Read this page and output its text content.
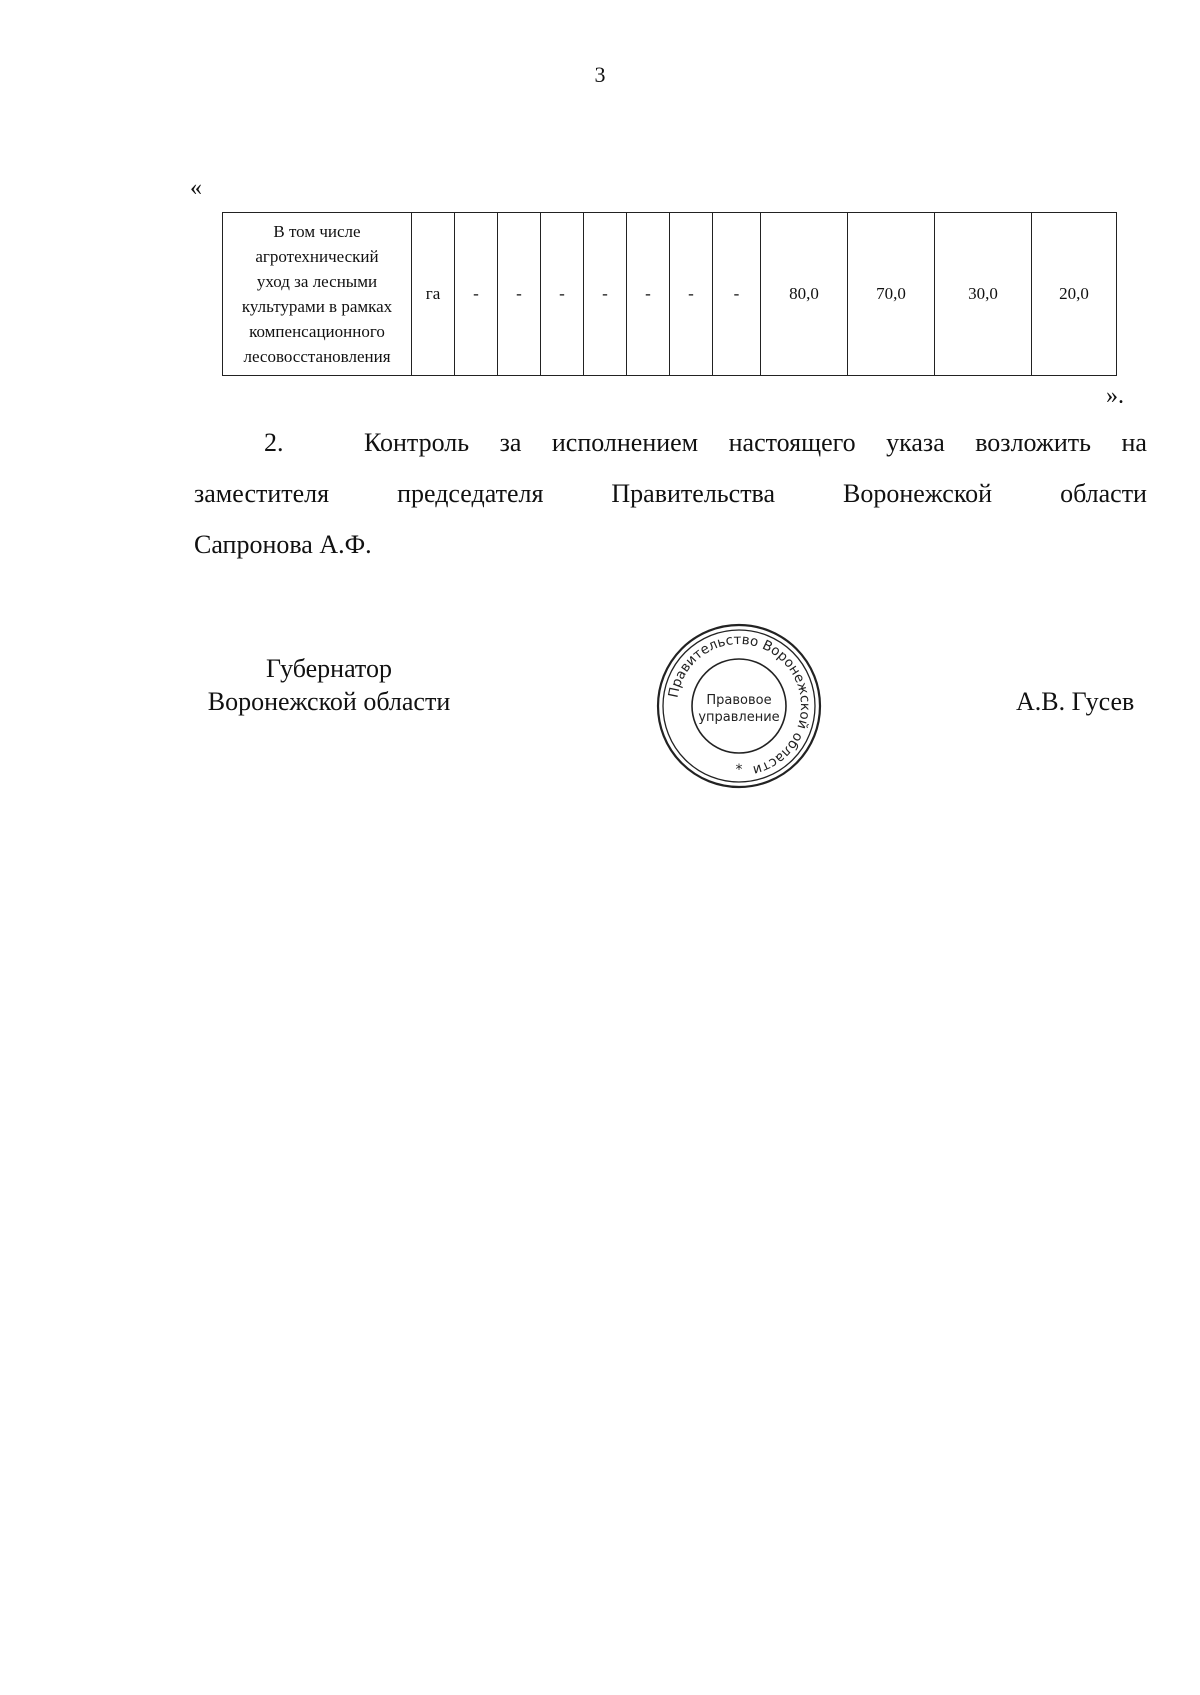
3
«
В том числе
агротехнический
уход за лесными
культурами в рамках
компенсационного
лесовосстановления
	га	-	-	-	-	-	-	-	80,0	70,0	30,0	20,0
».
2.	Контроль за исполнением настоящего указа возложить на
заместителя	председателя	Правительства	Воронежской	области
Сапронова А.Ф.
Губернатор
Воронежской области	Правительство Воронежской области
Правовое
управление
*
А.В. Гусев
